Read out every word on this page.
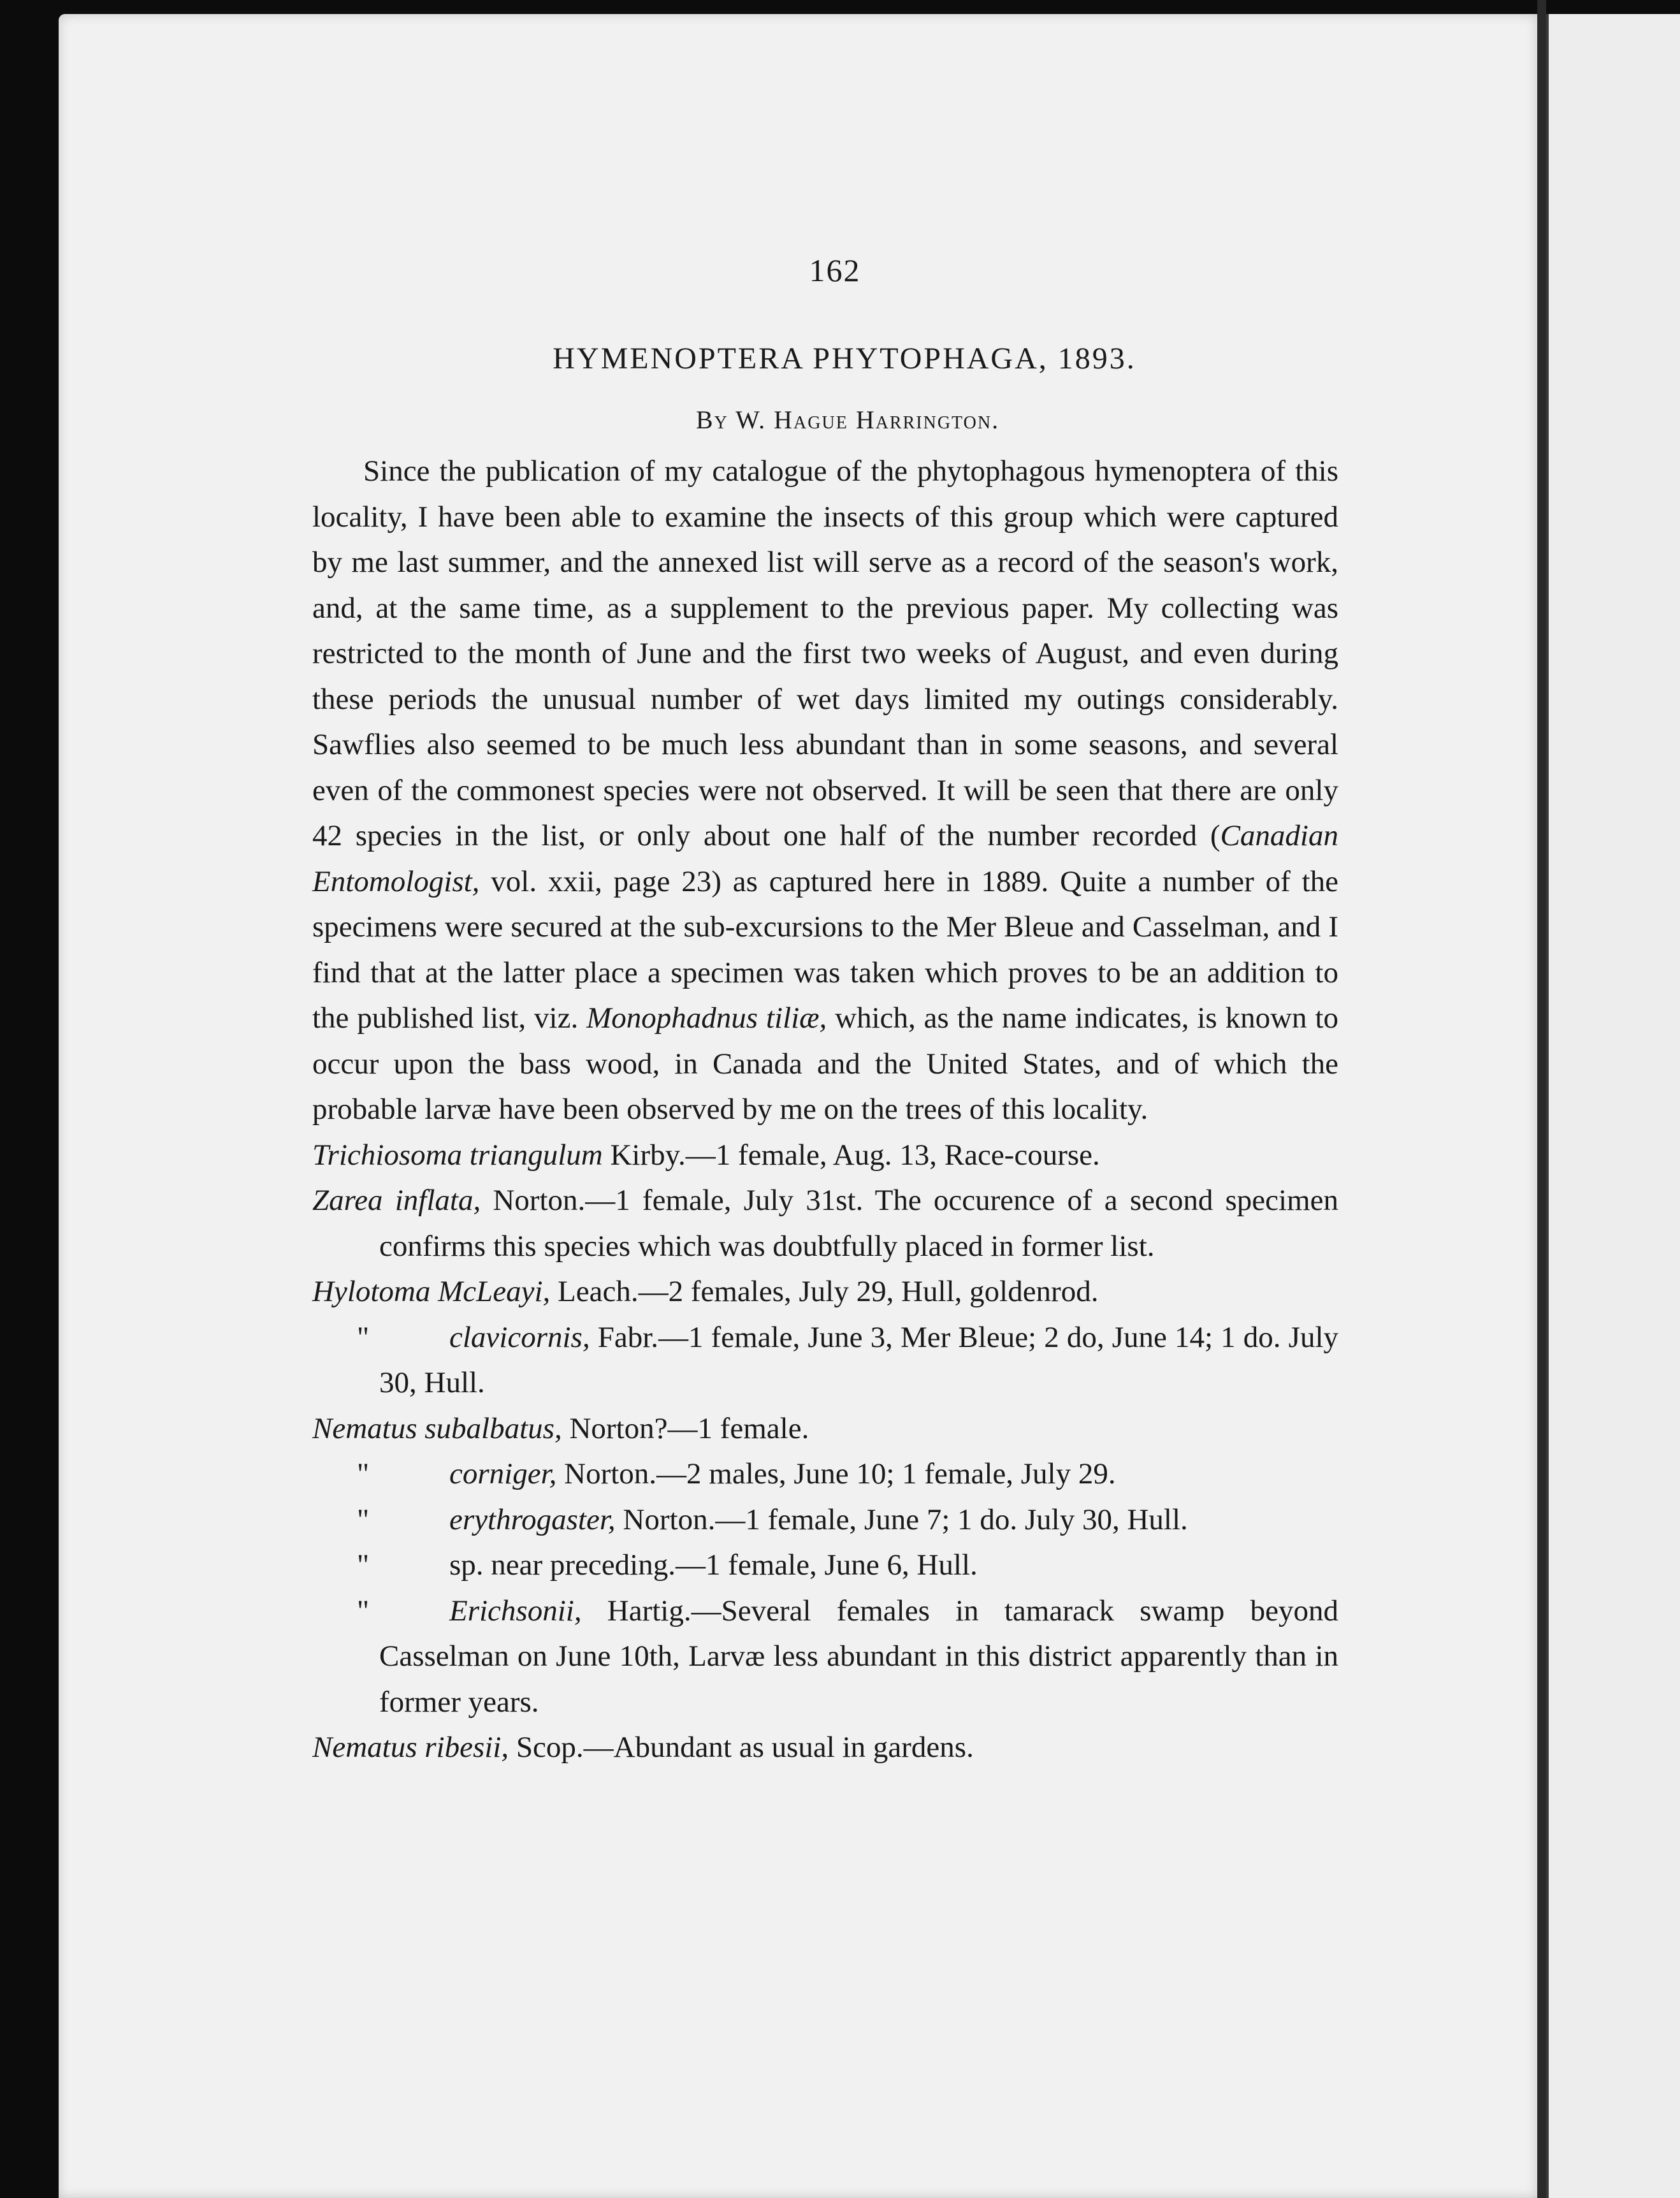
162

HYMENOPTERA PHYTOPHAGA, 1893.

By W. Hague Harrington.

Since the publication of my catalogue of the phytophagous hymenoptera of this locality, I have been able to examine the insects of this group which were captured by me last summer, and the annexed list will serve as a record of the season's work, and, at the same time, as a supplement to the previous paper. My collecting was restricted to the month of June and the first two weeks of August, and even during these periods the unusual number of wet days limited my outings considerably. Sawflies also seemed to be much less abundant than in some seasons, and several even of the commonest species were not observed. It will be seen that there are only 42 species in the list, or only about one half of the number recorded (Canadian Entomologist, vol. xxii, page 23) as captured here in 1889. Quite a number of the specimens were secured at the sub-excursions to the Mer Bleue and Casselman, and I find that at the latter place a specimen was taken which proves to be an addition to the published list, viz. Monophadnus tiliæ, which, as the name indicates, is known to occur upon the bass wood, in Canada and the United States, and of which the probable larvæ have been observed by me on the trees of this locality.

Trichiosoma triangulum Kirby.—1 female, Aug. 13, Race-course.

Zarea inflata, Norton.—1 female, July 31st. The occurence of a second specimen confirms this species which was doubtfully placed in former list.

Hylotoma McLeayi, Leach.—2 females, July 29, Hull, goldenrod.

"	clavicornis, Fabr.—1 female, June 3, Mer Bleue; 2 do, June 14; 1 do. July 30, Hull.

Nematus subalbatus, Norton?—1 female.

"	corniger, Norton.—2 males, June 10; 1 female, July 29.

"	erythrogaster, Norton.—1 female, June 7; 1 do. July 30, Hull.

"	sp. near preceding.—1 female, June 6, Hull.

"	Erichsonii, Hartig.—Several females in tamarack swamp beyond Casselman on June 10th, Larvæ less abundant in this district apparently than in former years.

Nematus ribesii, Scop.—Abundant as usual in gardens.
